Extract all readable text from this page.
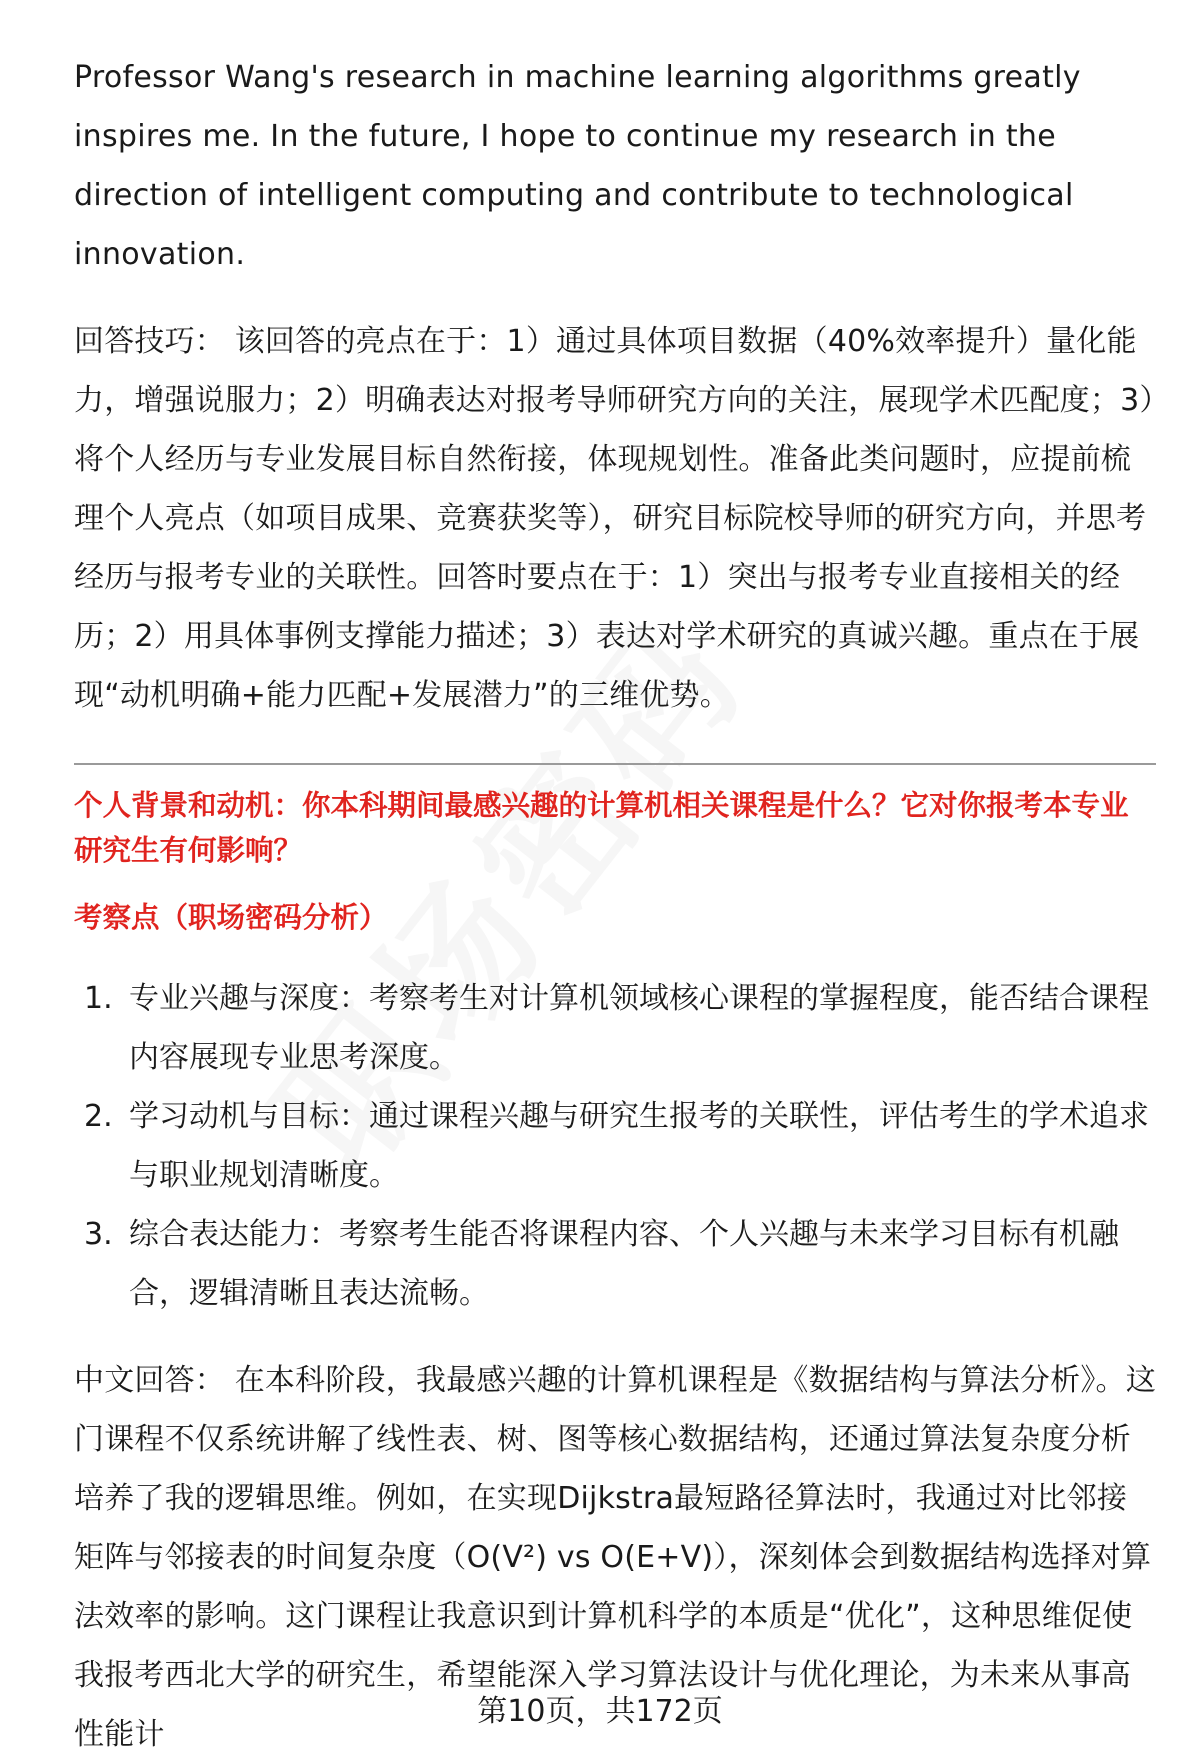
Professor Wang's research in machine learning algorithms greatly inspires me. In the future, I hope to continue my research in the direction of intelligent computing and contribute to technological innovation.

回答技巧： 该回答的亮点在于：1）通过具体项目数据（40%效率提升）量化能力，增强说服力；2）明确表达对报考导师研究方向的关注，展现学术匹配度；3）将个人经历与专业发展目标自然衔接，体现规划性。准备此类问题时，应提前梳理个人亮点（如项目成果、竞赛获奖等），研究目标院校导师的研究方向，并思考经历与报考专业的关联性。回答时要点在于：1）突出与报考专业直接相关的经历；2）用具体事例支撑能力描述；3）表达对学术研究的真诚兴趣。重点在于展现“动机明确+能力匹配+发展潜力”的三维优势。

个人背景和动机：你本科期间最感兴趣的计算机相关课程是什么？它对你报考本专业研究生有何影响？

考察点（职场密码分析）

1. 专业兴趣与深度：考察考生对计算机领域核心课程的掌握程度，能否结合课程内容展现专业思考深度。
2. 学习动机与目标：通过课程兴趣与研究生报考的关联性，评估考生的学术追求与职业规划清晰度。
3. 综合表达能力：考察考生能否将课程内容、个人兴趣与未来学习目标有机融合，逻辑清晰且表达流畅。

中文回答： 在本科阶段，我最感兴趣的计算机课程是《数据结构与算法分析》。这门课程不仅系统讲解了线性表、树、图等核心数据结构，还通过算法复杂度分析培养了我的逻辑思维。例如，在实现Dijkstra最短路径算法时，我通过对比邻接矩阵与邻接表的时间复杂度（O(V²) vs O(E+V)），深刻体会到数据结构选择对算法效率的影响。这门课程让我意识到计算机科学的本质是“优化”，这种思维促使我报考西北大学的研究生，希望能深入学习算法设计与优化理论，为未来从事高性能计

第10页，共172页
